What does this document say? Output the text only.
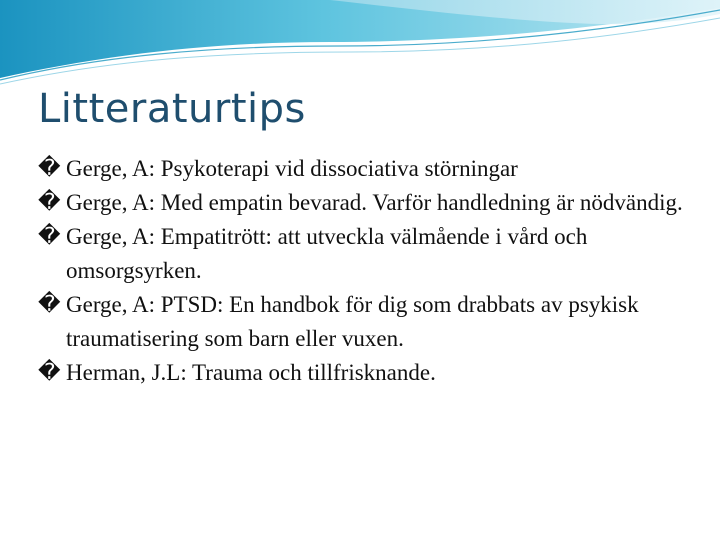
Litteraturtips
� Gerge, A: Psykoterapi vid dissociativa störningar
� Gerge, A: Med empatin bevarad. Varför handledning är nödvändig.
� Gerge, A: Empatitrött: att utveckla välmående i vård och omsorgsyrken.
� Gerge, A: PTSD: En handbok för dig som drabbats av psykisk traumatisering som barn eller vuxen.
� Herman, J.L: Trauma och tillfrisknande.
